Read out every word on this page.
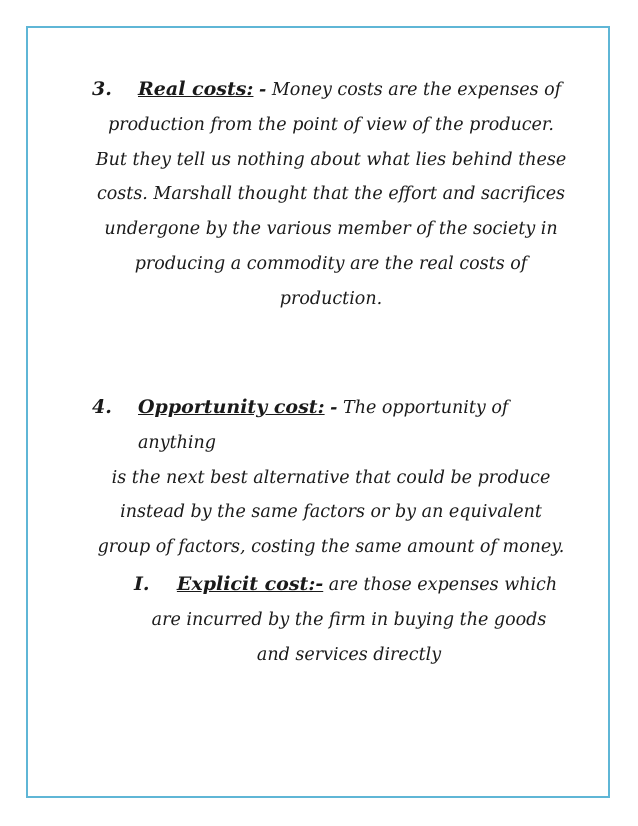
3.	Real costs: - Money costs are the expenses of
production from the point of view of the producer. But they tell us nothing about what lies behind these costs. Marshall thought that the effort and sacrifices undergone by the various member of the society in producing a commodity are the real costs of production.

4.	Opportunity cost: - The opportunity of anything
is the next best alternative that could be produce instead by the same factors or by an equivalent group of factors, costing the same amount of money.

I.	Explicit cost:- are those expenses which are incurred by the firm in buying the goods and services directly
